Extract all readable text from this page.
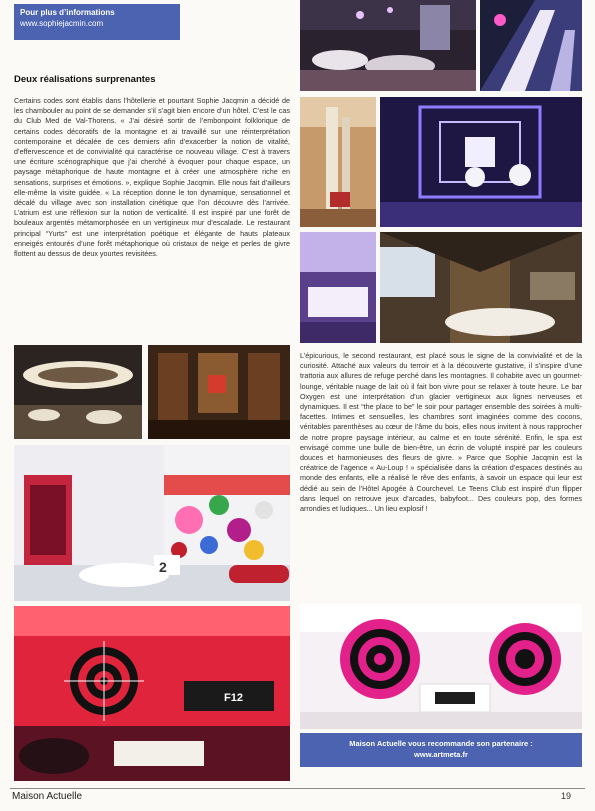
Pour plus d’informations
www.sophiejacmin.com
Deux réalisations surprenantes
Certains codes sont établis dans l’hôtellerie et pourtant Sophie Jacqmin a décidé de les chambouler au point de se demander s’il s’agit bien encore d’un hôtel. C’est le cas du Club Med de Val-Thorens. « J’ai désiré sortir de l’embonpoint folklorique de certains codes décoratifs de la montagne et ai travaillé sur une réinterprétation contemporaine et décalée de ces derniers afin d’exacerber la notion de vitalité, d’effervescence et de convivialité qui caractérise ce nouveau village. C’est à travers une écriture scénographique que j’ai cherché à évoquer pour chaque espace, un paysage métaphorique de haute montagne et à créer une atmosphère riche en sensations, surprises et émotions. », explique Sophie Jacqmin. Elle nous fait d’ailleurs elle-même la visite guidée. « La réception donne le ton dynamique, sensationnel et décalé du village avec son installation cinétique que l’on découvre dès l’arrivée. L’atrium est une réflexion sur la notion de verticalité. Il est inspiré par une forêt de bouleaux argentés métamorphosée en un vertigineux mur d’escalade. Le restaurant principal “Yurts” est une interprétation poétique et élégante de hauts plateaux enneigés entourés d’une forêt métaphorique où cristaux de neige et perles de givre flottent au dessus de deux yourtes revisitées.
2
F12
L’épicurious, le second restaurant, est placé sous le signe de la convivialité et de la curiosité. Attaché aux valeurs du terroir et à la découverte gustative, il s’inspire d’une trattoria aux allures de refuge perché dans les montagnes. Il cohabite avec un gourmet-lounge, véritable nuage de lait où il fait bon vivre pour se relaxer à toute heure. Le bar Oxygen est une interprétation d’un glacier vertigineux aux lignes nerveuses et dynamiques. Il est “the place to be” le soir pour partager ensemble des soirées à multi-facettes. Intimes et sensuelles, les chambres sont imaginées comme des cocons, véritables parenthèses au cœur de l’âme du bois, elles nous invitent à nous rapprocher de notre propre paysage intérieur, au calme et en toute sérénité. Enfin, le spa est envisagé comme une bulle de bien-être, un écrin de volupté inspiré par les couleurs douces et harmonieuses des fleurs de givre. » Parce que Sophie Jacqmin est la créatrice de l’agence « Au-Loup ! » spécialisée dans la création d’espaces destinés au monde des enfants, elle a réalisé le rêve des enfants, à savoir un espace qui leur est dédié au sein de l’Hôtel Apogée à Courchevel. Le Teens Club est inspiré d’un flipper dans lequel on retrouve jeux d’arcades, babyfoot... Des couleurs pop, des formes arrondies et ludiques... Un lieu explosif !
Maison Actuelle vous recommande son partenaire :
www.artmeta.fr
Maison Actuelle	19
